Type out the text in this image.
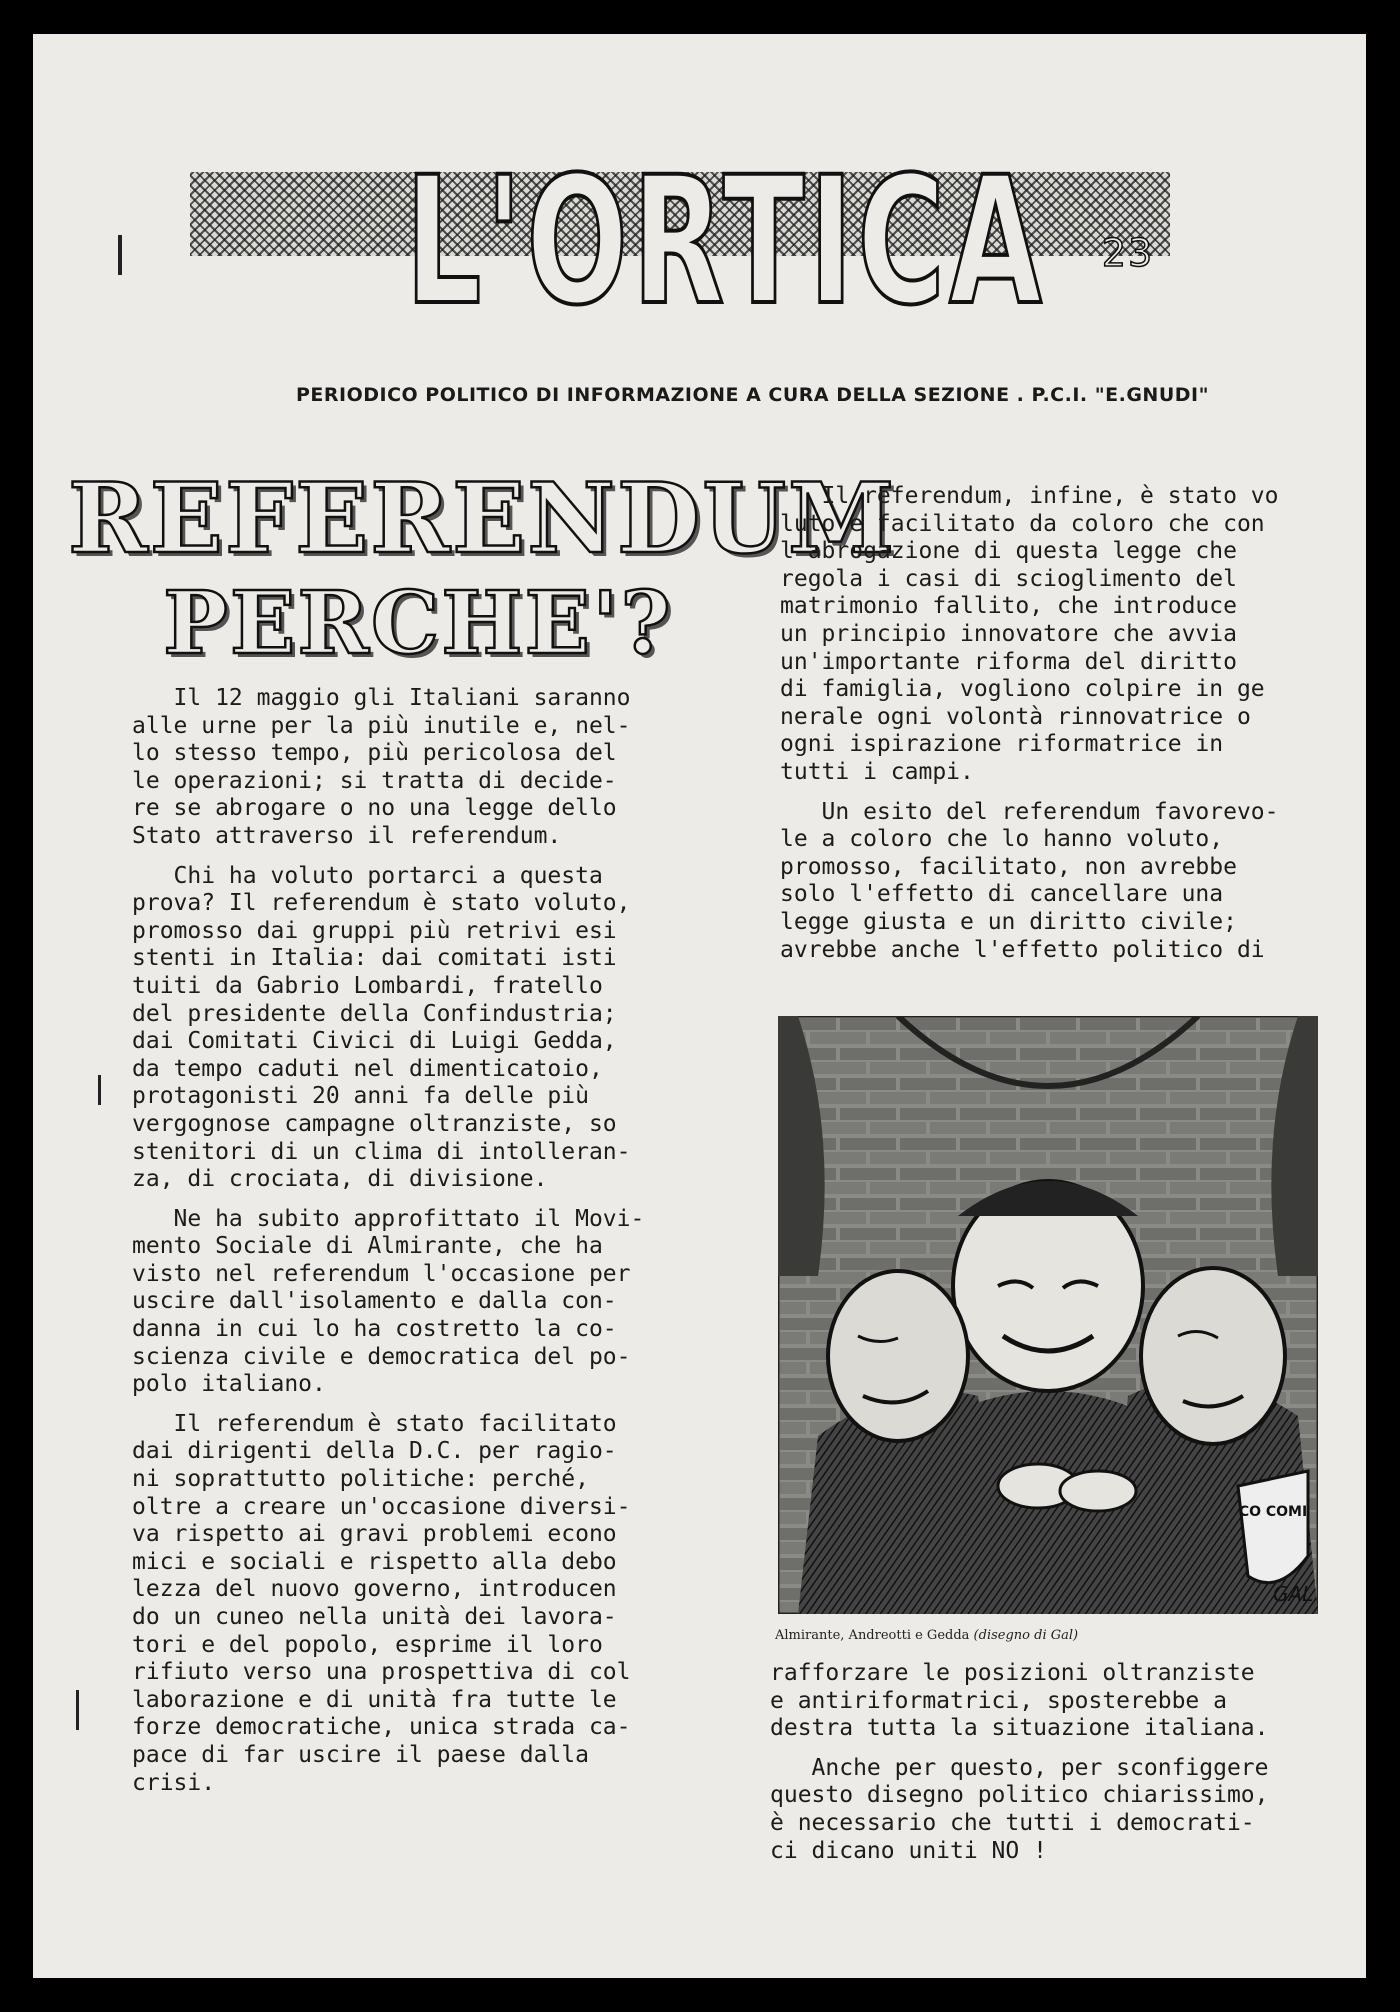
L'ORTICA	23
PERIODICO POLITICO DI INFORMAZIONE A CURA DELLA SEZIONE . P.C.I. "E.GNUDI"
REFERENDUM
PERCHE'?

Il 12 maggio gli Italiani saranno
alle urne per la più inutile e, nel-
lo stesso tempo, più pericolosa del
le operazioni; si tratta di decide-
re se abrogare o no una legge dello
Stato attraverso il referendum.

Chi ha voluto portarci a questa
prova? Il referendum è stato voluto,
promosso dai gruppi più retrivi esi
stenti in Italia: dai comitati isti
tuiti da Gabrio Lombardi, fratello
del presidente della Confindustria;
dai Comitati Civici di Luigi Gedda,
da tempo caduti nel dimenticatoio,
protagonisti 20 anni fa delle più
vergognose campagne oltranziste, so
stenitori di un clima di intolleran-
za, di crociata, di divisione.

Ne ha subito approfittato il Movi-
mento Sociale di Almirante, che ha
visto nel referendum l'occasione per
uscire dall'isolamento e dalla con-
danna in cui lo ha costretto la co-
scienza civile e democratica del po-
polo italiano.

Il referendum è stato facilitato
dai dirigenti della D.C. per ragio-
ni soprattutto politiche: perché,
oltre a creare un'occasione diversi-
va rispetto ai gravi problemi econo
mici e sociali e rispetto alla debo
lezza del nuovo governo, introducen
do un cuneo nella unità dei lavora-
tori e del popolo, esprime il loro
rifiuto verso una prospettiva di col
laborazione e di unità fra tutte le
forze democratiche, unica strada ca-
pace di far uscire il paese dalla
crisi.

Il referendum, infine, è stato vo
luto e facilitato da coloro che con
l'abrogazione di questa legge che
regola i casi di scioglimento del
matrimonio fallito, che introduce
un principio innovatore che avvia
un'importante riforma del diritto
di famiglia, vogliono colpire in ge
nerale ogni volontà rinnovatrice o
ogni ispirazione riformatrice in
tutti i campi.

Un esito del referendum favorevo-
le a coloro che lo hanno voluto,
promosso, facilitato, non avrebbe
solo l'effetto di cancellare una
legge giusta e un diritto civile;
avrebbe anche l'effetto politico di

CO COMI
GAL
Almirante, Andreotti e Gedda (disegno di Gal)

rafforzare le posizioni oltranziste
e antiriformatrici, sposterebbe a
destra tutta la situazione italiana.

Anche per questo, per sconfiggere
questo disegno politico chiarissimo,
è necessario che tutti i democrati-
ci dicano uniti NO !
